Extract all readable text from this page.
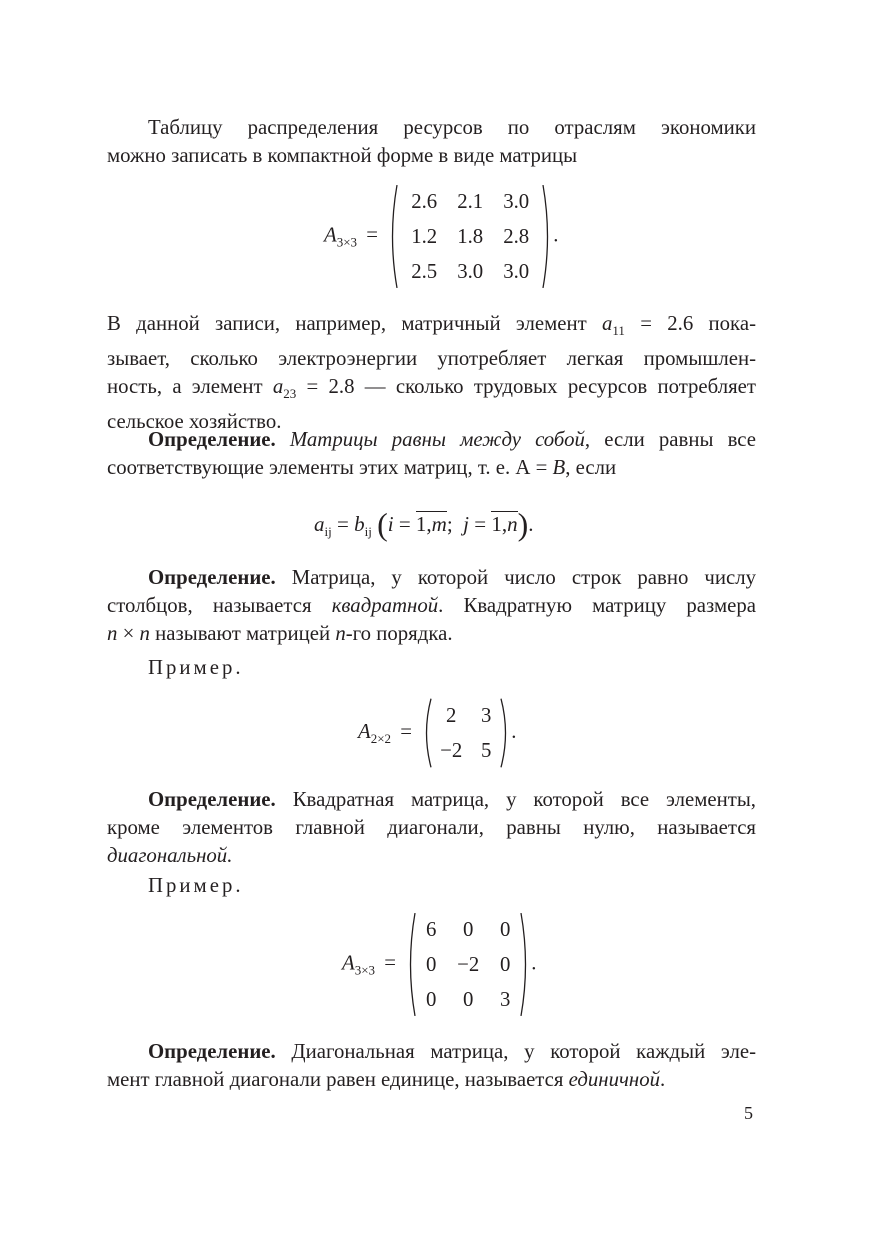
Таблицу распределения ресурсов по отраслям экономики
можно записать в компактной форме в виде матрицы
$A_{3\times 3}$ =
2.6	2.1	3.0
1.2	1.8	2.8
2.5	3.0	3.0
.
В данной записи, например, матричный элемент $a_{11} = 2.6$ пока-
зывает, сколько электроэнергии употребляет легкая промышлен-
ность, а элемент $a_{23} = 2.8$ — сколько трудовых ресурсов потребляет
сельское хозяйство.
Определение. Матрицы равны между собой, если равны все
соответствующие элементы этих матриц, т. е. А = B, если
$a_{ij} = b_{ij}$ (i = 1,m;  j = 1,n).
Определение. Матрица, у которой число строк равно числу
столбцов, называется квадратной. Квадратную матрицу размера
n × n называют матрицей n-го порядка.
Пример.
$A_{2\times 2}$ =
2	3
−2	5
.
Определение. Квадратная матрица, у которой все элементы,
кроме элементов главной диагонали, равны нулю, называется
диагональной.
Пример.
$A_{3\times 3}$ =
6	0	0
0	−2	0
0	0	3
.
Определение. Диагональная матрица, у которой каждый эле-
мент главной диагонали равен единице, называется единичной.
5
